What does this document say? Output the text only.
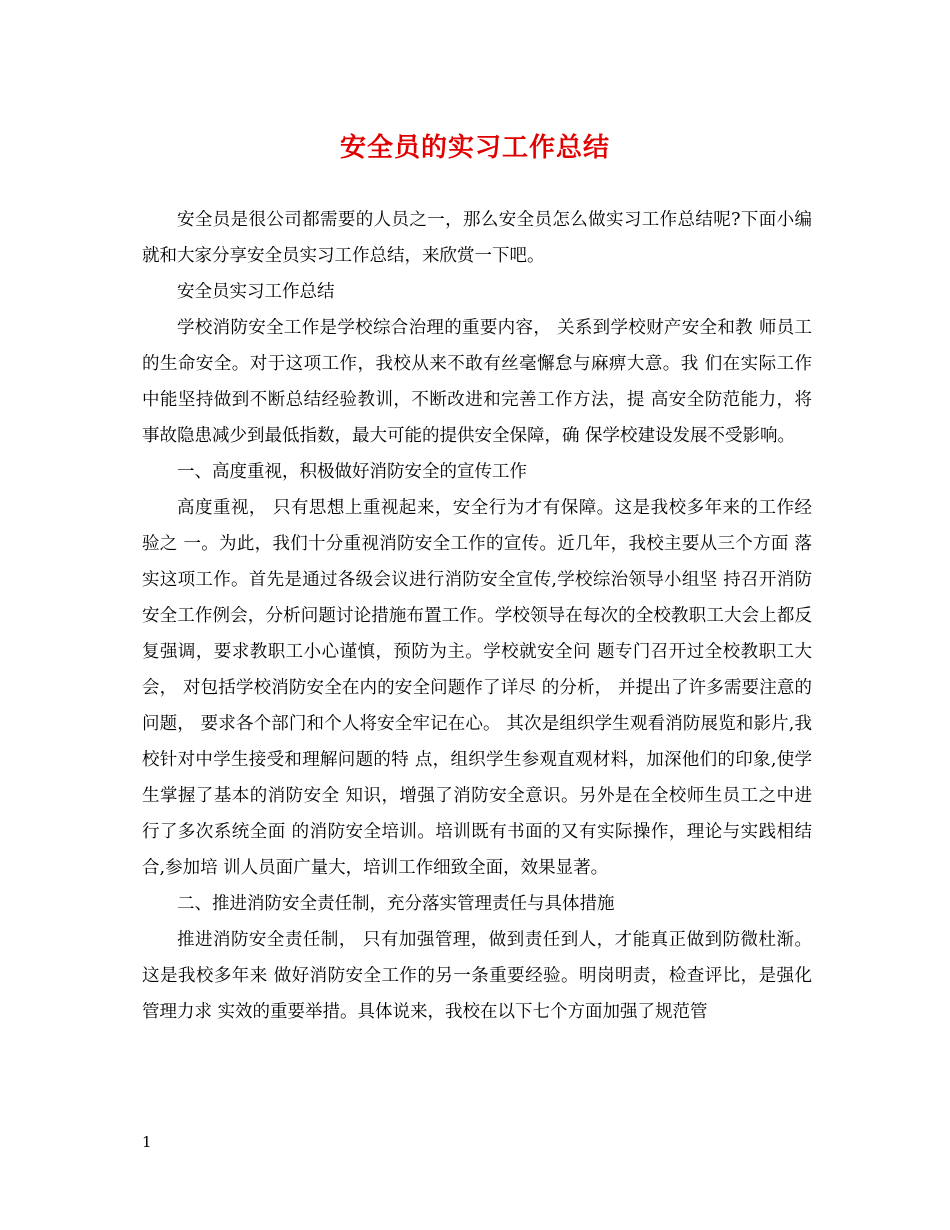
安全员的实习工作总结

安全员是很公司都需要的人员之一，那么安全员怎么做实习工作总结呢?下面小编就和大家分享安全员实习工作总结，来欣赏一下吧。

安全员实习工作总结

学校消防安全工作是学校综合治理的重要内容， 关系到学校财产安全和教 师员工的生命安全。对于这项工作，我校从来不敢有丝毫懈怠与麻痹大意。我 们在实际工作中能坚持做到不断总结经验教训，不断改进和完善工作方法，提 高安全防范能力，将事故隐患减少到最低指数，最大可能的提供安全保障，确 保学校建设发展不受影响。

一、高度重视，积极做好消防安全的宣传工作

高度重视， 只有思想上重视起来，安全行为才有保障。这是我校多年来的工作经验之 一。为此，我们十分重视消防安全工作的宣传。近几年，我校主要从三个方面 落实这项工作。首先是通过各级会议进行消防安全宣传,学校综治领导小组坚 持召开消防安全工作例会，分析问题讨论措施布置工作。学校领导在每次的全校教职工大会上都反复强调，要求教职工小心谨慎，预防为主。学校就安全问 题专门召开过全校教职工大会， 对包括学校消防安全在内的安全问题作了详尽 的分析， 并提出了许多需要注意的问题， 要求各个部门和个人将安全牢记在心。 其次是组织学生观看消防展览和影片,我校针对中学生接受和理解问题的特 点，组织学生参观直观材料，加深他们的印象,使学生掌握了基本的消防安全 知识，增强了消防安全意识。另外是在全校师生员工之中进行了多次系统全面 的消防安全培训。培训既有书面的又有实际操作，理论与实践相结合,参加培 训人员面广量大，培训工作细致全面，效果显著。

二、推进消防安全责任制，充分落实管理责任与具体措施

推进消防安全责任制， 只有加强管理，做到责任到人，才能真正做到防微杜渐。这是我校多年来 做好消防安全工作的另一条重要经验。明岗明责，检查评比，是强化管理力求 实效的重要举措。具体说来，我校在以下七个方面加强了规范管

1
